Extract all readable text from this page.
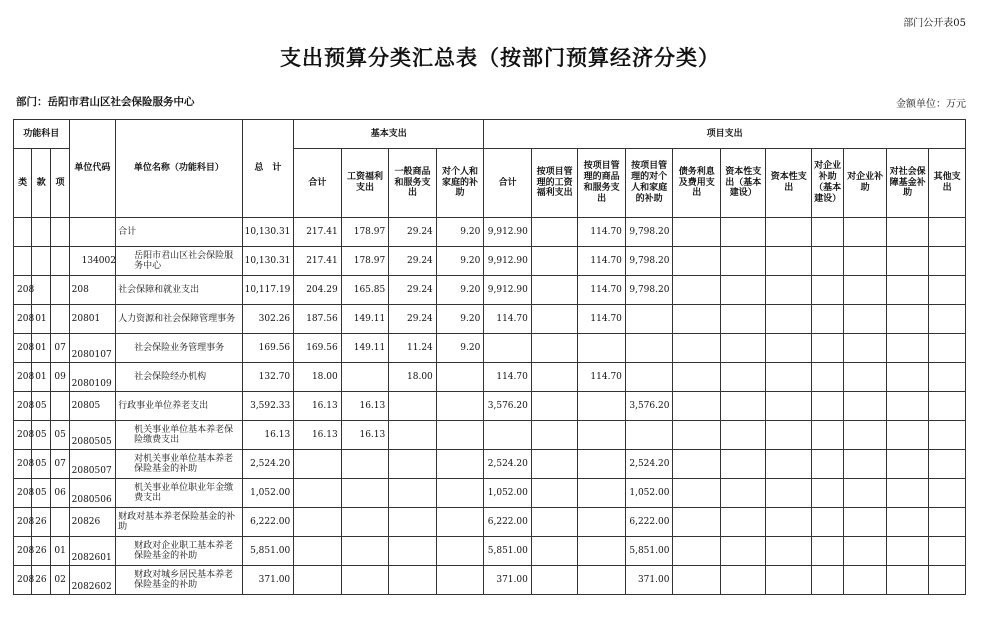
部门公开表05
支出预算分类汇总表（按部门预算经济分类）
部门：岳阳市君山区社会保险服务中心	金额单位：万元
功能科目			单位代码	单位名称（功能科目）	总　计	基本支出				项目支出										
类	款	项				合计	工资福利支出	一般商品和服务支出	对个人和家庭的补助	合计	按项目管理的工资福利支出	按项目管理的商品和服务支出	按项目管理的对个人和家庭的补助	债务利息及费用支出	资本性支出（基本建设）	资本性支出	对企业补助（基本建设）	对企业补助	对社会保障基金补助	其他支出
				合计	10,130.31	217.41	178.97	29.24	9.20	9,912.90		114.70	9,798.20							
			134002	岳阳市君山区社会保险服务中心	10,130.31	217.41	178.97	29.24	9.20	9,912.90		114.70	9,798.20							
208			208	社会保障和就业支出	10,117.19	204.29	165.85	29.24	9.20	9,912.90		114.70	9,798.20							
208	01		20801	人力资源和社会保障管理事务	302.26	187.56	149.11	29.24	9.20	114.70		114.70								
208	01	07	2080107	社会保险业务管理事务	169.56	169.56	149.11	11.24	9.20											
208	01	09	2080109	社会保险经办机构	132.70	18.00		18.00		114.70		114.70								
208	05		20805	行政事业单位养老支出	3,592.33	16.13	16.13			3,576.20			3,576.20							
208	05	05	2080505	机关事业单位基本养老保险缴费支出	16.13	16.13	16.13													
208	05	07	2080507	对机关事业单位基本养老保险基金的补助	2,524.20					2,524.20			2,524.20							
208	05	06	2080506	机关事业单位职业年金缴费支出	1,052.00					1,052.00			1,052.00							
208	26		20826	财政对基本养老保险基金的补助	6,222.00					6,222.00			6,222.00							
208	26	01	2082601	财政对企业职工基本养老保险基金的补助	5,851.00					5,851.00			5,851.00							
208	26	02	2082602	财政对城乡居民基本养老保险基金的补助	371.00					371.00			371.00							
